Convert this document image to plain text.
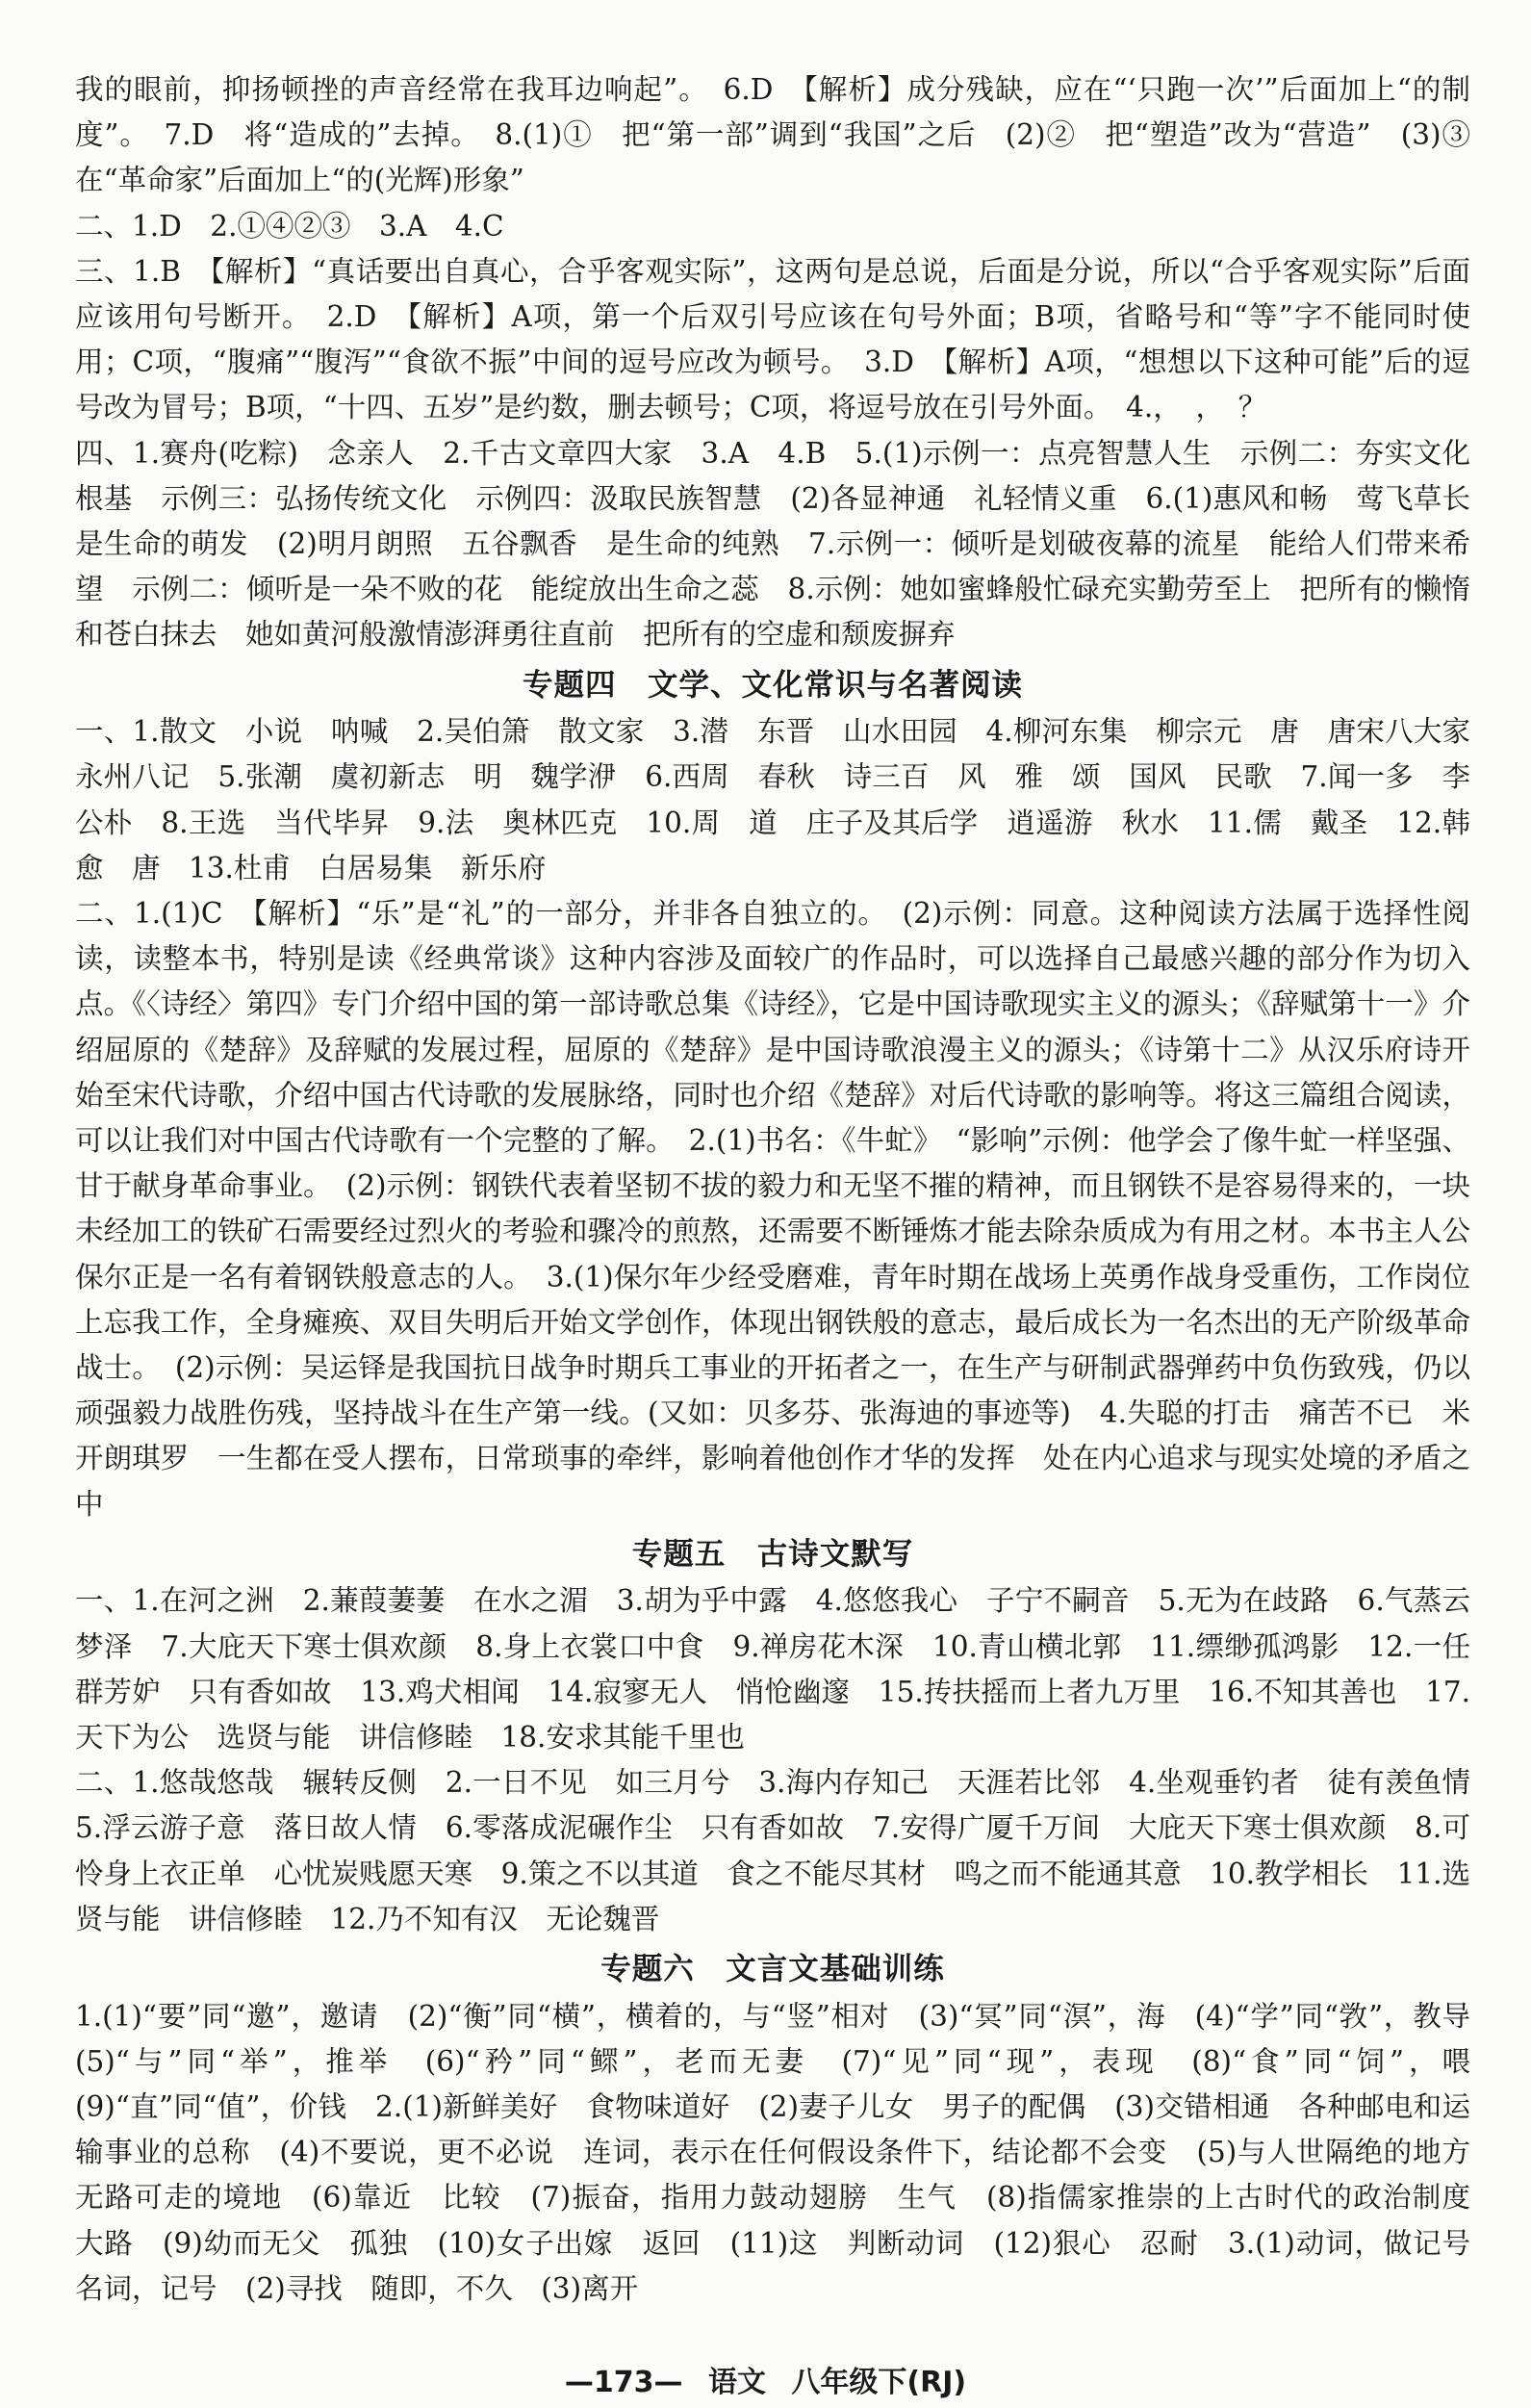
我的眼前，抑扬顿挫的声音经常在我耳边响起”。　6.D　【解析】成分残缺，应在“‘只跑一次’”后面加上“的制度”。　7.D　将“造成的”去掉。　8.(1)①　把“第一部”调到“我国”之后　(2)②　把“塑造”改为“营造”　(3)③　在“革命家”后面加上“的(光辉)形象”

二、1.D　2.①④②③　3.A　4.C

三、1.B　【解析】“真话要出自真心，合乎客观实际”，这两句是总说，后面是分说，所以“合乎客观实际”后面应该用句号断开。　2.D　【解析】A项，第一个后双引号应该在句号外面；B项，省略号和“等”字不能同时使用；C项，“腹痛”“腹泻”“食欲不振”中间的逗号应改为顿号。　3.D　【解析】A项，“想想以下这种可能”后的逗号改为冒号；B项，“十四、五岁”是约数，删去顿号；C项，将逗号放在引号外面。　4.，　，　？

四、1.赛舟(吃粽)　念亲人　2.千古文章四大家　3.A　4.B　5.(1)示例一：点亮智慧人生　示例二：夯实文化根基　示例三：弘扬传统文化　示例四：汲取民族智慧　(2)各显神通　礼轻情义重　6.(1)惠风和畅　莺飞草长　是生命的萌发　(2)明月朗照　五谷飘香　是生命的纯熟　7.示例一：倾听是划破夜幕的流星　能给人们带来希望　示例二：倾听是一朵不败的花　能绽放出生命之蕊　8.示例：她如蜜蜂般忙碌充实勤劳至上　把所有的懒惰和苍白抹去　她如黄河般激情澎湃勇往直前　把所有的空虚和颓废摒弃

专题四　文学、文化常识与名著阅读

一、1.散文　小说　呐喊　2.吴伯箫　散文家　3.潜　东晋　山水田园　4.柳河东集　柳宗元　唐　唐宋八大家　永州八记　5.张潮　虞初新志　明　魏学洢　6.西周　春秋　诗三百　风　雅　颂　国风　民歌　7.闻一多　李公朴　8.王选　当代毕昇　9.法　奥林匹克　10.周　道　庄子及其后学　逍遥游　秋水　11.儒　戴圣　12.韩愈　唐　13.杜甫　白居易集　新乐府

二、1.(1)C　【解析】“乐”是“礼”的一部分，并非各自独立的。　(2)示例：同意。这种阅读方法属于选择性阅读，读整本书，特别是读《经典常谈》这种内容涉及面较广的作品时，可以选择自己最感兴趣的部分作为切入点。《〈诗经〉第四》专门介绍中国的第一部诗歌总集《诗经》，它是中国诗歌现实主义的源头；《辞赋第十一》介绍屈原的《楚辞》及辞赋的发展过程，屈原的《楚辞》是中国诗歌浪漫主义的源头；《诗第十二》从汉乐府诗开始至宋代诗歌，介绍中国古代诗歌的发展脉络，同时也介绍《楚辞》对后代诗歌的影响等。将这三篇组合阅读，可以让我们对中国古代诗歌有一个完整的了解。　2.(1)书名：《牛虻》　“影响”示例：他学会了像牛虻一样坚强、甘于献身革命事业。　(2)示例：钢铁代表着坚韧不拔的毅力和无坚不摧的精神，而且钢铁不是容易得来的，一块未经加工的铁矿石需要经过烈火的考验和骤冷的煎熬，还需要不断锤炼才能去除杂质成为有用之材。本书主人公保尔正是一名有着钢铁般意志的人。　3.(1)保尔年少经受磨难，青年时期在战场上英勇作战身受重伤，工作岗位上忘我工作，全身瘫痪、双目失明后开始文学创作，体现出钢铁般的意志，最后成长为一名杰出的无产阶级革命战士。　(2)示例：吴运铎是我国抗日战争时期兵工事业的开拓者之一，在生产与研制武器弹药中负伤致残，仍以顽强毅力战胜伤残，坚持战斗在生产第一线。(又如：贝多芬、张海迪的事迹等)　4.失聪的打击　痛苦不已　米开朗琪罗　一生都在受人摆布，日常琐事的牵绊，影响着他创作才华的发挥　处在内心追求与现实处境的矛盾之中

专题五　古诗文默写

一、1.在河之洲　2.蒹葭萋萋　在水之湄　3.胡为乎中露　4.悠悠我心　子宁不嗣音　5.无为在歧路　6.气蒸云梦泽　7.大庇天下寒士俱欢颜　8.身上衣裳口中食　9.禅房花木深　10.青山横北郭　11.缥缈孤鸿影　12.一任群芳妒　只有香如故　13.鸡犬相闻　14.寂寥无人　悄怆幽邃　15.抟扶摇而上者九万里　16.不知其善也　17.天下为公　选贤与能　讲信修睦　18.安求其能千里也

二、1.悠哉悠哉　辗转反侧　2.一日不见　如三月兮　3.海内存知己　天涯若比邻　4.坐观垂钓者　徒有羡鱼情　5.浮云游子意　落日故人情　6.零落成泥碾作尘　只有香如故　7.安得广厦千万间　大庇天下寒士俱欢颜　8.可怜身上衣正单　心忧炭贱愿天寒　9.策之不以其道　食之不能尽其材　鸣之而不能通其意　10.教学相长　11.选贤与能　讲信修睦　12.乃不知有汉　无论魏晋

专题六　文言文基础训练

1.(1)“要”同“邀”，邀请　(2)“衡”同“横”，横着的，与“竖”相对　(3)“冥”同“溟”，海　(4)“学”同“敩”，教导　(5)“与”同“举”，推举　(6)“矜”同“鳏”，老而无妻　(7)“见”同“现”，表现　(8)“食”同“饲”，喂　(9)“直”同“值”，价钱　2.(1)新鲜美好　食物味道好　(2)妻子儿女　男子的配偶　(3)交错相通　各种邮电和运输事业的总称　(4)不要说，更不必说　连词，表示在任何假设条件下，结论都不会变　(5)与人世隔绝的地方　无路可走的境地　(6)靠近　比较　(7)振奋，指用力鼓动翅膀　生气　(8)指儒家推崇的上古时代的政治制度　大路　(9)幼而无父　孤独　(10)女子出嫁　返回　(11)这　判断动词　(12)狠心　忍耐　3.(1)动词，做记号　名词，记号　(2)寻找　随即，不久　(3)离开

—173— 语文 八年级下(RJ)
